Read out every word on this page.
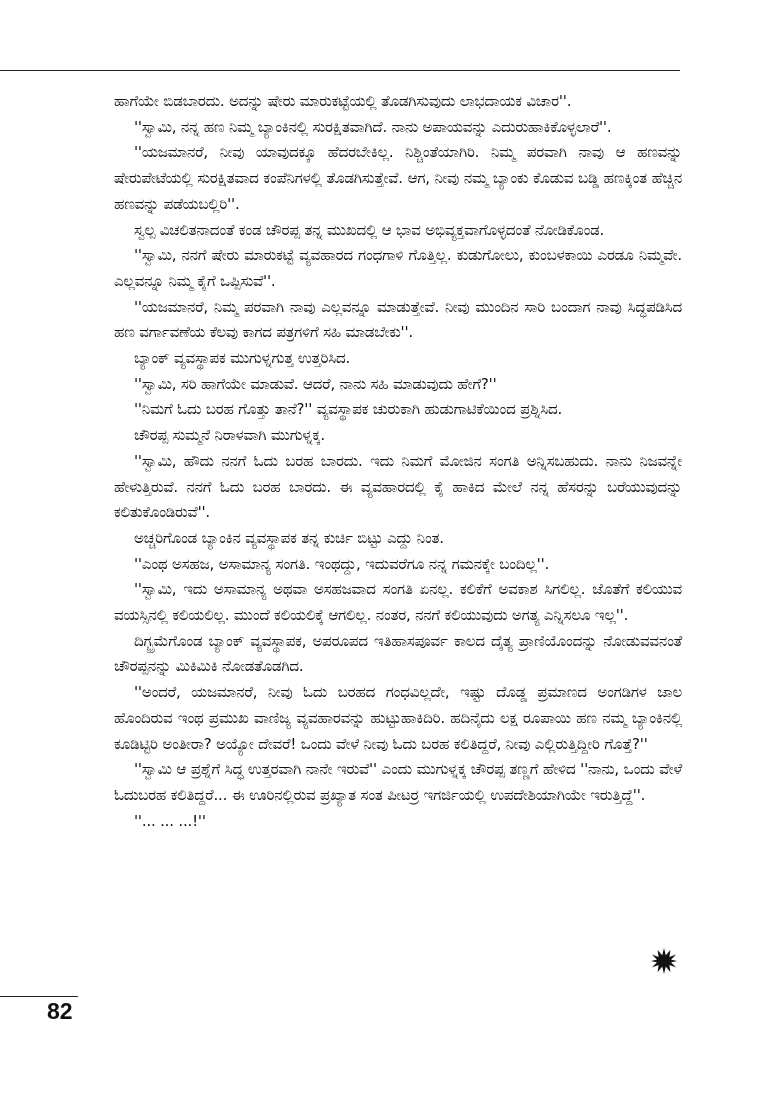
ಹಾಗೆಯೇ ಬಿಡಬಾರದು. ಅದನ್ನು ಷೇರು ಮಾರುಕಟ್ಟೆಯಲ್ಲಿ ತೊಡಗಿಸುವುದು ಲಾಭದಾಯಕ ವಿಚಾರ''.

''ಸ್ವಾಮಿ, ನನ್ನ ಹಣ ನಿಮ್ಮ ಬ್ಯಾಂಕಿನಲ್ಲಿ ಸುರಕ್ಷಿತವಾಗಿದೆ. ನಾನು ಅಪಾಯವನ್ನು ಎದುರುಹಾಕಿಕೊಳ್ಳಲಾರೆ''.

''ಯಜಮಾನರೆ, ನೀವು ಯಾವುದಕ್ಕೂ ಹೆದರಬೇಕಿಲ್ಲ. ನಿಶ್ಚಿಂತೆಯಾಗಿರಿ. ನಿಮ್ಮ ಪರವಾಗಿ ನಾವು ಆ ಹಣವನ್ನು ಷೇರುಪೇಟೆಯಲ್ಲಿ ಸುರಕ್ಷಿತವಾದ ಕಂಪೆನಿಗಳಲ್ಲಿ ತೊಡಗಿಸುತ್ತೇವೆ. ಆಗ, ನೀವು ನಮ್ಮ ಬ್ಯಾಂಕು ಕೊಡುವ ಬಡ್ಡಿ ಹಣಕ್ಕಿಂತ ಹೆಚ್ಚಿನ ಹಣವನ್ನು ಪಡೆಯಬಲ್ಲಿರಿ''.

ಸ್ವಲ್ಪ ವಿಚಲಿತನಾದಂತೆ ಕಂಡ ಚೌರಪ್ಪ ತನ್ನ ಮುಖದಲ್ಲಿ ಆ ಭಾವ ಅಭಿವ್ಯಕ್ತವಾಗೊಳ್ಳದಂತೆ ನೋಡಿಕೊಂಡ.

''ಸ್ವಾಮಿ, ನನಗೆ ಷೇರು ಮಾರುಕಟ್ಟೆ ವ್ಯವಹಾರದ ಗಂಧಗಾಳಿ ಗೊತ್ತಿಲ್ಲ. ಕುಡುಗೋಲು, ಕುಂಬಳಕಾಯಿ ಎರಡೂ ನಿಮ್ಮವೇ. ಎಲ್ಲವನ್ನೂ ನಿಮ್ಮ ಕೈಗೆ ಒಪ್ಪಿಸುವೆ''.

''ಯಜಮಾನರೆ, ನಿಮ್ಮ ಪರವಾಗಿ ನಾವು ಎಲ್ಲವನ್ನೂ ಮಾಡುತ್ತೇವೆ. ನೀವು ಮುಂದಿನ ಸಾರಿ ಬಂದಾಗ ನಾವು ಸಿದ್ಧಪಡಿಸಿದ ಹಣ ವರ್ಗಾವಣೆಯ ಕೆಲವು ಕಾಗದ ಪತ್ರಗಳಿಗೆ ಸಹಿ ಮಾಡಬೇಕು''.

ಬ್ಯಾಂಕ್ ವ್ಯವಸ್ಥಾಪಕ ಮುಗುಳ್ನಗುತ್ತ ಉತ್ತರಿಸಿದ.

''ಸ್ವಾಮಿ, ಸರಿ ಹಾಗೆಯೇ ಮಾಡುವೆ. ಆದರೆ, ನಾನು ಸಹಿ ಮಾಡುವುದು ಹೇಗೆ?''

''ನಿಮಗೆ ಓದು ಬರಹ ಗೊತ್ತು ತಾನೆ?'' ವ್ಯವಸ್ಥಾಪಕ ಚುರುಕಾಗಿ ಹುಡುಗಾಟಿಕೆಯಿಂದ ಪ್ರಶ್ನಿಸಿದ.

ಚೌರಪ್ಪ ಸುಮ್ಮನೆ ನಿರಾಳವಾಗಿ ಮುಗುಳ್ನಕ್ಕ.

''ಸ್ವಾಮಿ, ಹೌದು ನನಗೆ ಓದು ಬರಹ ಬಾರದು. ಇದು ನಿಮಗೆ ಮೋಜಿನ ಸಂಗತಿ ಅನ್ನಿಸಬಹುದು. ನಾನು ನಿಜವನ್ನೇ ಹೇಳುತ್ತಿರುವೆ. ನನಗೆ ಓದು ಬರಹ ಬಾರದು. ಈ ವ್ಯವಹಾರದಲ್ಲಿ ಕೈ ಹಾಕಿದ ಮೇಲೆ ನನ್ನ ಹೆಸರನ್ನು ಬರೆಯುವುದನ್ನು ಕಲಿತುಕೊಂಡಿರುವೆ''.

ಅಚ್ಚರಿಗೊಂಡ ಬ್ಯಾಂಕಿನ ವ್ಯವಸ್ಥಾಪಕ ತನ್ನ ಕುರ್ಚಿ ಬಿಟ್ಟು ಎದ್ದು ನಿಂತ.

''ಎಂಥ ಅಸಹಜ, ಅಸಾಮಾನ್ಯ ಸಂಗತಿ. ಇಂಥದ್ದು, ಇದುವರೆಗೂ ನನ್ನ ಗಮನಕ್ಕೇ ಬಂದಿಲ್ಲ''.

''ಸ್ವಾಮಿ, ಇದು ಅಸಾಮಾನ್ಯ ಅಥವಾ ಅಸಹಜವಾದ ಸಂಗತಿ ಏನಲ್ಲ. ಕಲಿಕೆಗೆ ಅವಕಾಶ ಸಿಗಲಿಲ್ಲ. ಜೊತೆಗೆ ಕಲಿಯುವ ವಯಸ್ಸಿನಲ್ಲಿ ಕಲಿಯಲಿಲ್ಲ. ಮುಂದೆ ಕಲಿಯಲಿಕ್ಕೆ ಆಗಲಿಲ್ಲ. ನಂತರ, ನನಗೆ ಕಲಿಯುವುದು ಅಗತ್ಯ ಎನ್ನಿಸಲೂ ಇಲ್ಲ''.

ದಿಗ್ಭ್ರಮೆಗೊಂಡ ಬ್ಯಾಂಕ್ ವ್ಯವಸ್ಥಾಪಕ, ಅಪರೂಪದ ಇತಿಹಾಸಪೂರ್ವ ಕಾಲದ ದೈತ್ಯ ಪ್ರಾಣಿಯೊಂದನ್ನು ನೋಡುವವನಂತೆ ಚೌರಪ್ಪನನ್ನು ಮಿಕಿಮಿಕಿ ನೋಡತೊಡಗಿದ.

''ಅಂದರೆ, ಯಜಮಾನರೆ, ನೀವು ಓದು ಬರಹದ ಗಂಧವಿಲ್ಲದೇ, ಇಷ್ಟು ದೊಡ್ಡ ಪ್ರಮಾಣದ ಅಂಗಡಿಗಳ ಜಾಲ ಹೊಂದಿರುವ ಇಂಥ ಪ್ರಮುಖ ವಾಣಿಜ್ಯ ವ್ಯವಹಾರವನ್ನು ಹುಟ್ಟುಹಾಕಿದಿರಿ. ಹದಿನೈದು ಲಕ್ಷ ರೂಪಾಯಿ ಹಣ ನಮ್ಮ ಬ್ಯಾಂಕಿನಲ್ಲಿ ಕೂಡಿಟ್ಟಿರಿ ಅಂತೀರಾ? ಅಯ್ಯೋ ದೇವರೆ! ಒಂದು ವೇಳೆ ನೀವು ಓದು ಬರಹ ಕಲಿತಿದ್ದರೆ, ನೀವು ಎಲ್ಲಿರುತ್ತಿದ್ದೀರಿ ಗೊತ್ತೆ?''

''ಸ್ವಾಮಿ ಆ ಪ್ರಶ್ನೆಗೆ ಸಿದ್ಧ ಉತ್ತರವಾಗಿ ನಾನೇ ಇರುವೆ'' ಎಂದು ಮುಗುಳ್ನಕ್ಕ ಚೌರಪ್ಪ ತಣ್ಣಗೆ ಹೇಳಿದ ''ನಾನು, ಒಂದು ವೇಳೆ ಓದುಬರಹ ಕಲಿತಿದ್ದರೆ... ಈ ಊರಿನಲ್ಲಿರುವ ಪ್ರಖ್ಯಾತ ಸಂತ ಪೀಟರ್ರ ಇಗರ್ಜಿಯಲ್ಲಿ ಉಪದೇಶಿಯಾಗಿಯೇ ಇರುತ್ತಿದ್ದೆ''.

''... ... ...!''

82
